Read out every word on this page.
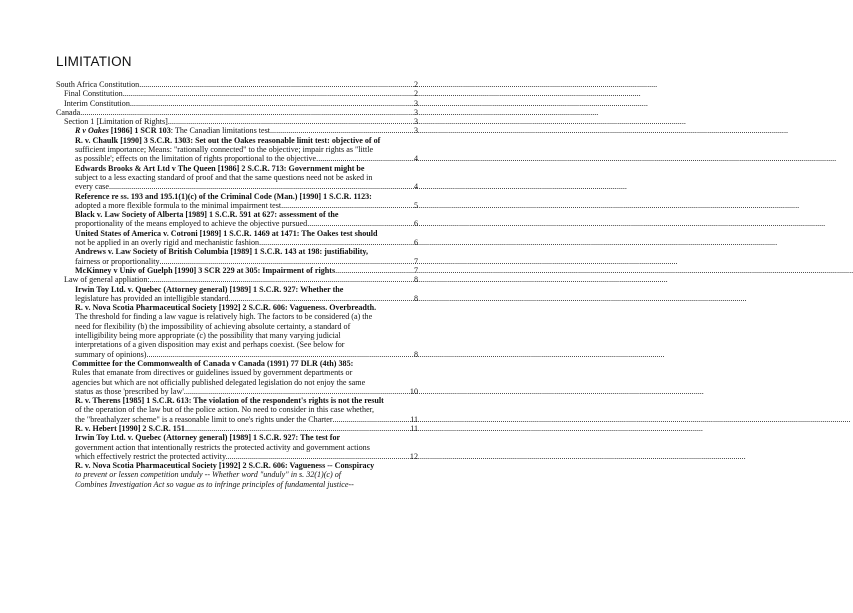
LIMITATION
South Africa Constitution .....	2
Final Constitution .....	2
Interim Constitution .....	3
Canada .....	3
Section 1 [Limitation of Rights] .....	3
R v Oakes [1986] 1 SCR 103: The Canadian limitations test .....	3
R. v. Chaulk [1990] 3 S.C.R. 1303: Set out the Oakes reasonable limit test: objective of of
sufficient importance; Means: "rationally connected" to the objective; impair rights as "little
as possible'; effects on the limitation of rights proportional to the objective. .....	4
Edwards Brooks & Art Ltd v The Queen [1986] 2 S.C.R. 713: Government might be
subject to a less exacting standard of proof and that the same questions need not be asked in
every case .....	4
Reference re ss. 193 and 195.1(1)(c) of the Criminal Code (Man.) [1990] 1 S.C.R. 1123:
adopted a more flexible formula to the minimal impairment test .....	5
Black v. Law Society of Alberta [1989] 1 S.C.R. 591 at 627: assessment of the
proportionality of the means employed to achieve the objective pursued .....	6
United States of America v. Cotroni [1989] 1 S.C.R. 1469 at 1471: The Oakes test should
not be applied in an overly rigid and mechanistic fashion .....	6
Andrews v. Law Society of British Columbia [1989] 1 S.C.R. 143 at 198: justifiability,
fairness or proportionality .....	7
McKinney v Univ of Guelph [1990] 3 SCR 229 at 305: Impairment of rights .....	7
Law of general appliation: .....	8
Irwin Toy Ltd. v. Quebec (Attorney general) [1989] 1 S.C.R. 927: Whether the
legislature has provided an intelligible standard .....	8
R. v. Nova Scotia Pharmaceutical Society [1992] 2 S.C.R. 606: Vagueness. Overbreadth.
The threshold for finding a law vague is relatively high. The factors to be considered (a) the
need for flexibility (b) the impossibility of achieving absolute certainty, a standard of
intelligibility being more appropriate (c) the possibility that many varying judicial
interpretations of a given disposition may exist and perhaps coexist. (See below for
summary of opinions) .....	8
Committee for the Commonwealth of Canada v Canada (1991) 77 DLR (4th) 385:
Rules that emanate from directives or guidelines issued by government departments or
agencies but which are not officially published delegated legislation do not enjoy the same
status as those 'prescribed by law'. .....	10
R. v. Therens [1985] 1 S.C.R. 613: The violation of the respondent's rights is not the result
of the operation of the law but of the police action. No need to consider in this case whether,
the "breathalyzer scheme" is a reasonable limit to one's rights under the Charter .....	11
R. v. Hebert [1990] 2 S.C.R. 151 .....	11
Irwin Toy Ltd. v. Quebec (Attorney general) [1989] 1 S.C.R. 927: The test for
government action that intentionally restricts the protected activity and government actions
which effectively restrict the protected activity. .....	12
R. v. Nova Scotia Pharmaceutical Society [1992] 2 S.C.R. 606: Vagueness -- Conspiracy
to prevent or lessen competition unduly -- Whether word "unduly" in s. 32(1)(c) of
Combines Investigation Act so vague as to infringe principles of fundamental justice--
